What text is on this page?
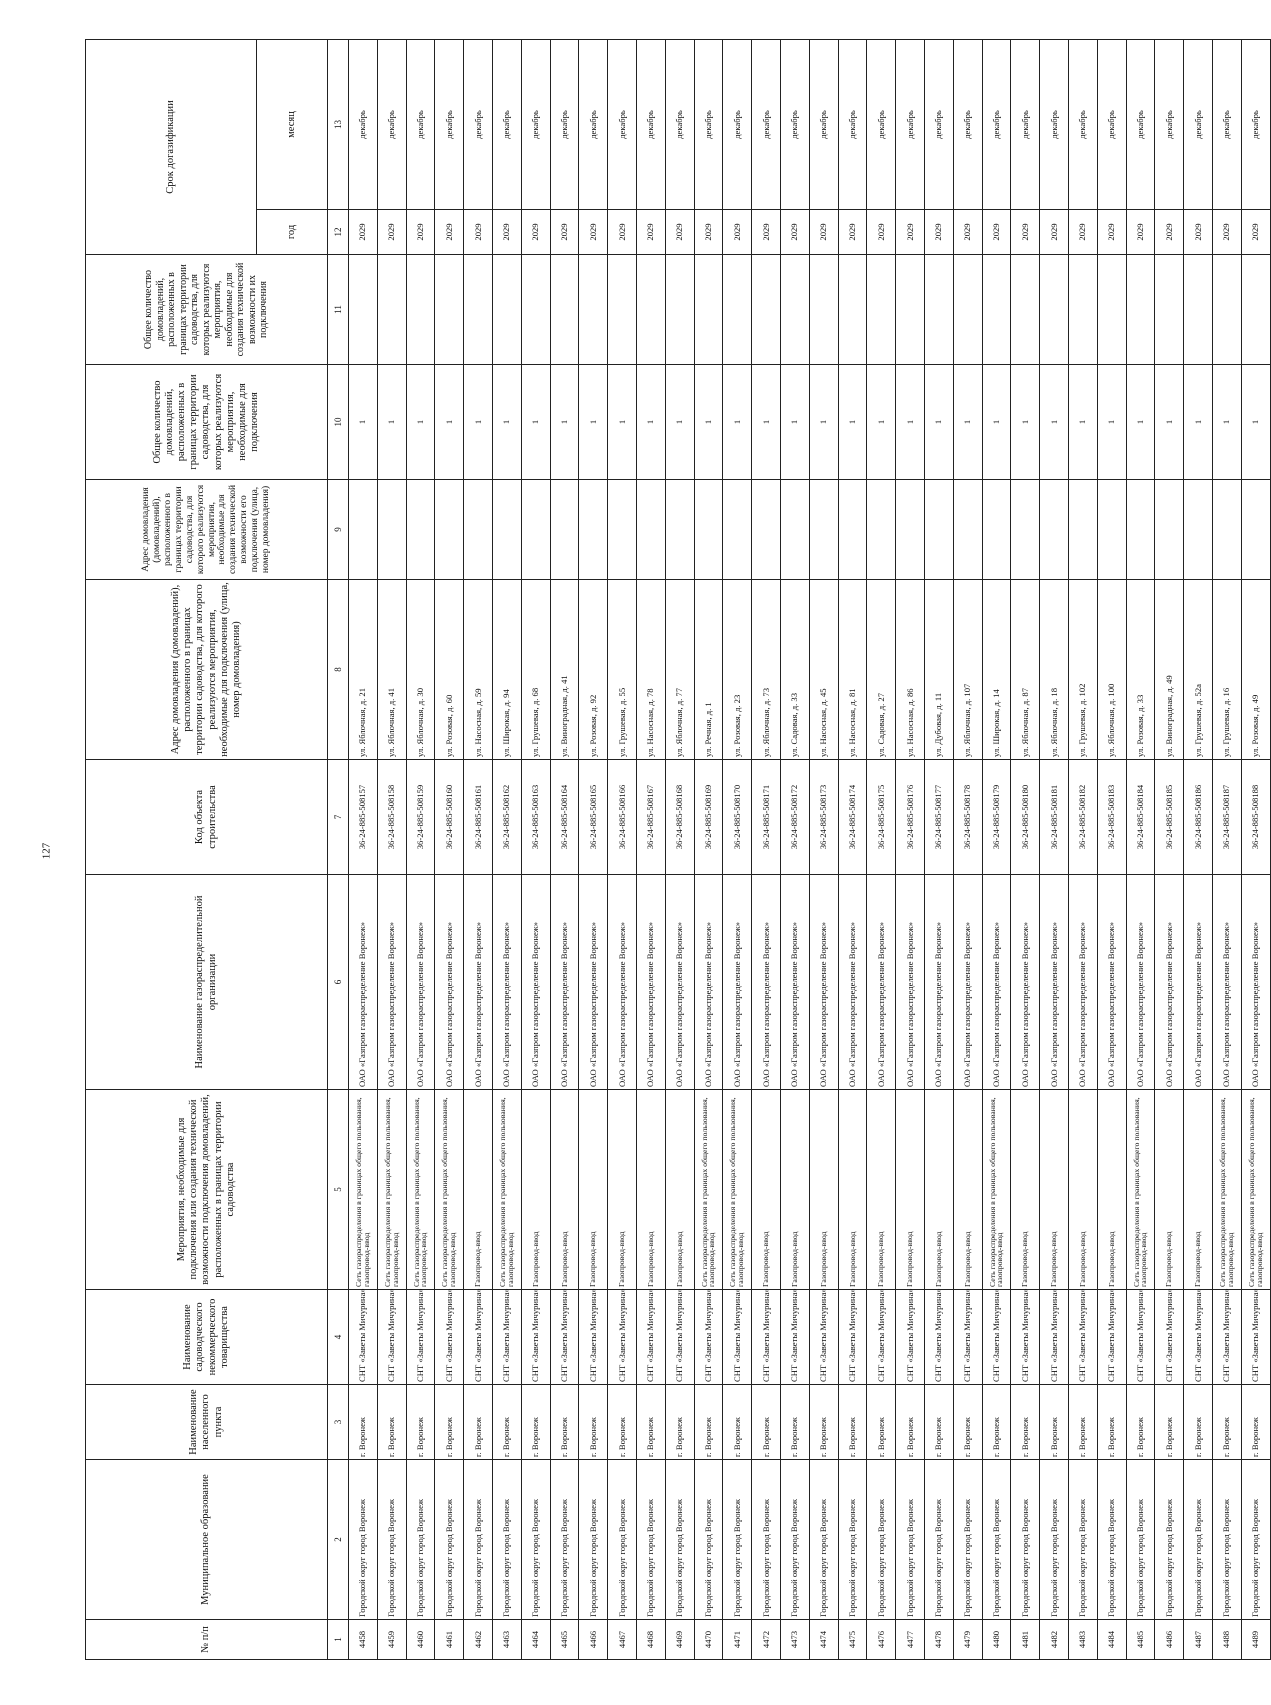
127
№ п/п	Муниципальное образование	Наименование населенного пункта	Наименование садоводческого некоммерческого товарищества	Мероприятия, необходимые для подключения или создания технической возможности подключения домовладений, расположенных в границах территории садоводства	Наименование газораспределительной организации	Код объекта строительства	Адрес домовладения (домовладений), расположенного в границах территории садоводства, для которого реализуются мероприятия, необходимые для подключения (улица, номер домовладения)	Адрес домовладения (домовладений), расположенного в границах территории садоводства, для которого реализуются мероприятия, необходимые для создания технической возможности его подключения (улица, номер домовладения)	Общее количество домовладений, расположенных в границах территории садоводства, для которых реализуются мероприятия, необходимые для подключения	Общее количество домовладений, расположенных в границах территории садоводства, для которых реализуются мероприятия, необходимые для создания технической возможности их подключения	Срок догазификации	
											год	месяц
1	2	3	4	5	6	7	8	9	10	11	12	13
4458	Городской округ город Воронеж	г. Воронеж	СНТ «Заветы Мичурина»	Сеть газораспределения в границах общего пользования, газопровод-ввод	ОАО «Газпром газораспределение Воронеж»	36-24-885-508157	ул. Яблочная, д. 21		1		2029	декабрь
4459	Городской округ город Воронеж	г. Воронеж	СНТ «Заветы Мичурина»	Сеть газораспределения в границах общего пользования, газопровод-ввод	ОАО «Газпром газораспределение Воронеж»	36-24-885-508158	ул. Яблочная, д. 41		1		2029	декабрь
4460	Городской округ город Воронеж	г. Воронеж	СНТ «Заветы Мичурина»	Сеть газораспределения в границах общего пользования, газопровод-ввод	ОАО «Газпром газораспределение Воронеж»	36-24-885-508159	ул. Яблочная, д. 30		1		2029	декабрь
4461	Городской округ город Воронеж	г. Воронеж	СНТ «Заветы Мичурина»	Сеть газораспределения в границах общего пользования, газопровод-ввод	ОАО «Газпром газораспределение Воронеж»	36-24-885-508160	ул. Розовая, д. 60		1		2029	декабрь
4462	Городской округ город Воронеж	г. Воронеж	СНТ «Заветы Мичурина»	Газопровод-ввод	ОАО «Газпром газораспределение Воронеж»	36-24-885-508161	ул. Насосная, д. 59		1		2029	декабрь
4463	Городской округ город Воронеж	г. Воронеж	СНТ «Заветы Мичурина»	Сеть газораспределения в границах общего пользования, газопровод-ввод	ОАО «Газпром газораспределение Воронеж»	36-24-885-508162	ул. Широкая, д. 94		1		2029	декабрь
4464	Городской округ город Воронеж	г. Воронеж	СНТ «Заветы Мичурина»	Газопровод-ввод	ОАО «Газпром газораспределение Воронеж»	36-24-885-508163	ул. Грушевая, д. 68		1		2029	декабрь
4465	Городской округ город Воронеж	г. Воронеж	СНТ «Заветы Мичурина»	Газопровод-ввод	ОАО «Газпром газораспределение Воронеж»	36-24-885-508164	ул. Виноградная, д. 41		1		2029	декабрь
4466	Городской округ город Воронеж	г. Воронеж	СНТ «Заветы Мичурина»	Газопровод-ввод	ОАО «Газпром газораспределение Воронеж»	36-24-885-508165	ул. Розовая, д. 92		1		2029	декабрь
4467	Городской округ город Воронеж	г. Воронеж	СНТ «Заветы Мичурина»	Газопровод-ввод	ОАО «Газпром газораспределение Воронеж»	36-24-885-508166	ул. Грушевая, д. 55		1		2029	декабрь
4468	Городской округ город Воронеж	г. Воронеж	СНТ «Заветы Мичурина»	Газопровод-ввод	ОАО «Газпром газораспределение Воронеж»	36-24-885-508167	ул. Насосная, д. 78		1		2029	декабрь
4469	Городской округ город Воронеж	г. Воронеж	СНТ «Заветы Мичурина»	Газопровод-ввод	ОАО «Газпром газораспределение Воронеж»	36-24-885-508168	ул. Яблочная, д. 77		1		2029	декабрь
4470	Городской округ город Воронеж	г. Воронеж	СНТ «Заветы Мичурина»	Сеть газораспределения в границах общего пользования, газопровод-ввод	ОАО «Газпром газораспределение Воронеж»	36-24-885-508169	ул. Речная, д. 1		1		2029	декабрь
4471	Городской округ город Воронеж	г. Воронеж	СНТ «Заветы Мичурина»	Сеть газораспределения в границах общего пользования, газопровод-ввод	ОАО «Газпром газораспределение Воронеж»	36-24-885-508170	ул. Розовая, д. 23		1		2029	декабрь
4472	Городской округ город Воронеж	г. Воронеж	СНТ «Заветы Мичурина»	Газопровод-ввод	ОАО «Газпром газораспределение Воронеж»	36-24-885-508171	ул. Яблочная, д. 73		1		2029	декабрь
4473	Городской округ город Воронеж	г. Воронеж	СНТ «Заветы Мичурина»	Газопровод-ввод	ОАО «Газпром газораспределение Воронеж»	36-24-885-508172	ул. Садовая, д. 33		1		2029	декабрь
4474	Городской округ город Воронеж	г. Воронеж	СНТ «Заветы Мичурина»	Газопровод-ввод	ОАО «Газпром газораспределение Воронеж»	36-24-885-508173	ул. Насосная, д. 45		1		2029	декабрь
4475	Городской округ город Воронеж	г. Воронеж	СНТ «Заветы Мичурина»	Газопровод-ввод	ОАО «Газпром газораспределение Воронеж»	36-24-885-508174	ул. Насосная, д. 81		1		2029	декабрь
4476	Городской округ город Воронеж	г. Воронеж	СНТ «Заветы Мичурина»	Газопровод-ввод	ОАО «Газпром газораспределение Воронеж»	36-24-885-508175	ул. Садовая, д. 27		1		2029	декабрь
4477	Городской округ город Воронеж	г. Воронеж	СНТ «Заветы Мичурина»	Газопровод-ввод	ОАО «Газпром газораспределение Воронеж»	36-24-885-508176	ул. Насосная, д. 86		1		2029	декабрь
4478	Городской округ город Воронеж	г. Воронеж	СНТ «Заветы Мичурина»	Газопровод-ввод	ОАО «Газпром газораспределение Воронеж»	36-24-885-508177	ул. Дубовая, д. 11		1		2029	декабрь
4479	Городской округ город Воронеж	г. Воронеж	СНТ «Заветы Мичурина»	Газопровод-ввод	ОАО «Газпром газораспределение Воронеж»	36-24-885-508178	ул. Яблочная, д. 107		1		2029	декабрь
4480	Городской округ город Воронеж	г. Воронеж	СНТ «Заветы Мичурина»	Сеть газораспределения в границах общего пользования, газопровод-ввод	ОАО «Газпром газораспределение Воронеж»	36-24-885-508179	ул. Широкая, д. 14		1		2029	декабрь
4481	Городской округ город Воронеж	г. Воронеж	СНТ «Заветы Мичурина»	Газопровод-ввод	ОАО «Газпром газораспределение Воронеж»	36-24-885-508180	ул. Яблочная, д. 87		1		2029	декабрь
4482	Городской округ город Воронеж	г. Воронеж	СНТ «Заветы Мичурина»	Газопровод-ввод	ОАО «Газпром газораспределение Воронеж»	36-24-885-508181	ул. Яблочная, д. 18		1		2029	декабрь
4483	Городской округ город Воронеж	г. Воронеж	СНТ «Заветы Мичурина»	Газопровод-ввод	ОАО «Газпром газораспределение Воронеж»	36-24-885-508182	ул. Грушевая, д. 102		1		2029	декабрь
4484	Городской округ город Воронеж	г. Воронеж	СНТ «Заветы Мичурина»	Газопровод-ввод	ОАО «Газпром газораспределение Воронеж»	36-24-885-508183	ул. Яблочная, д. 100		1		2029	декабрь
4485	Городской округ город Воронеж	г. Воронеж	СНТ «Заветы Мичурина»	Сеть газораспределения в границах общего пользования, газопровод-ввод	ОАО «Газпром газораспределение Воронеж»	36-24-885-508184	ул. Розовая, д. 33		1		2029	декабрь
4486	Городской округ город Воронеж	г. Воронеж	СНТ «Заветы Мичурина»	Газопровод-ввод	ОАО «Газпром газораспределение Воронеж»	36-24-885-508185	ул. Виноградная, д. 49		1		2029	декабрь
4487	Городской округ город Воронеж	г. Воронеж	СНТ «Заветы Мичурина»	Газопровод-ввод	ОАО «Газпром газораспределение Воронеж»	36-24-885-508186	ул. Грушевая, д. 52а		1		2029	декабрь
4488	Городской округ город Воронеж	г. Воронеж	СНТ «Заветы Мичурина»	Сеть газораспределения в границах общего пользования, газопровод-ввод	ОАО «Газпром газораспределение Воронеж»	36-24-885-508187	ул. Грушевая, д. 16		1		2029	декабрь
4489	Городской округ город Воронеж	г. Воронеж	СНТ «Заветы Мичурина»	Сеть газораспределения в границах общего пользования, газопровод-ввод	ОАО «Газпром газораспределение Воронеж»	36-24-885-508188	ул. Розовая, д. 49		1		2029	декабрь
